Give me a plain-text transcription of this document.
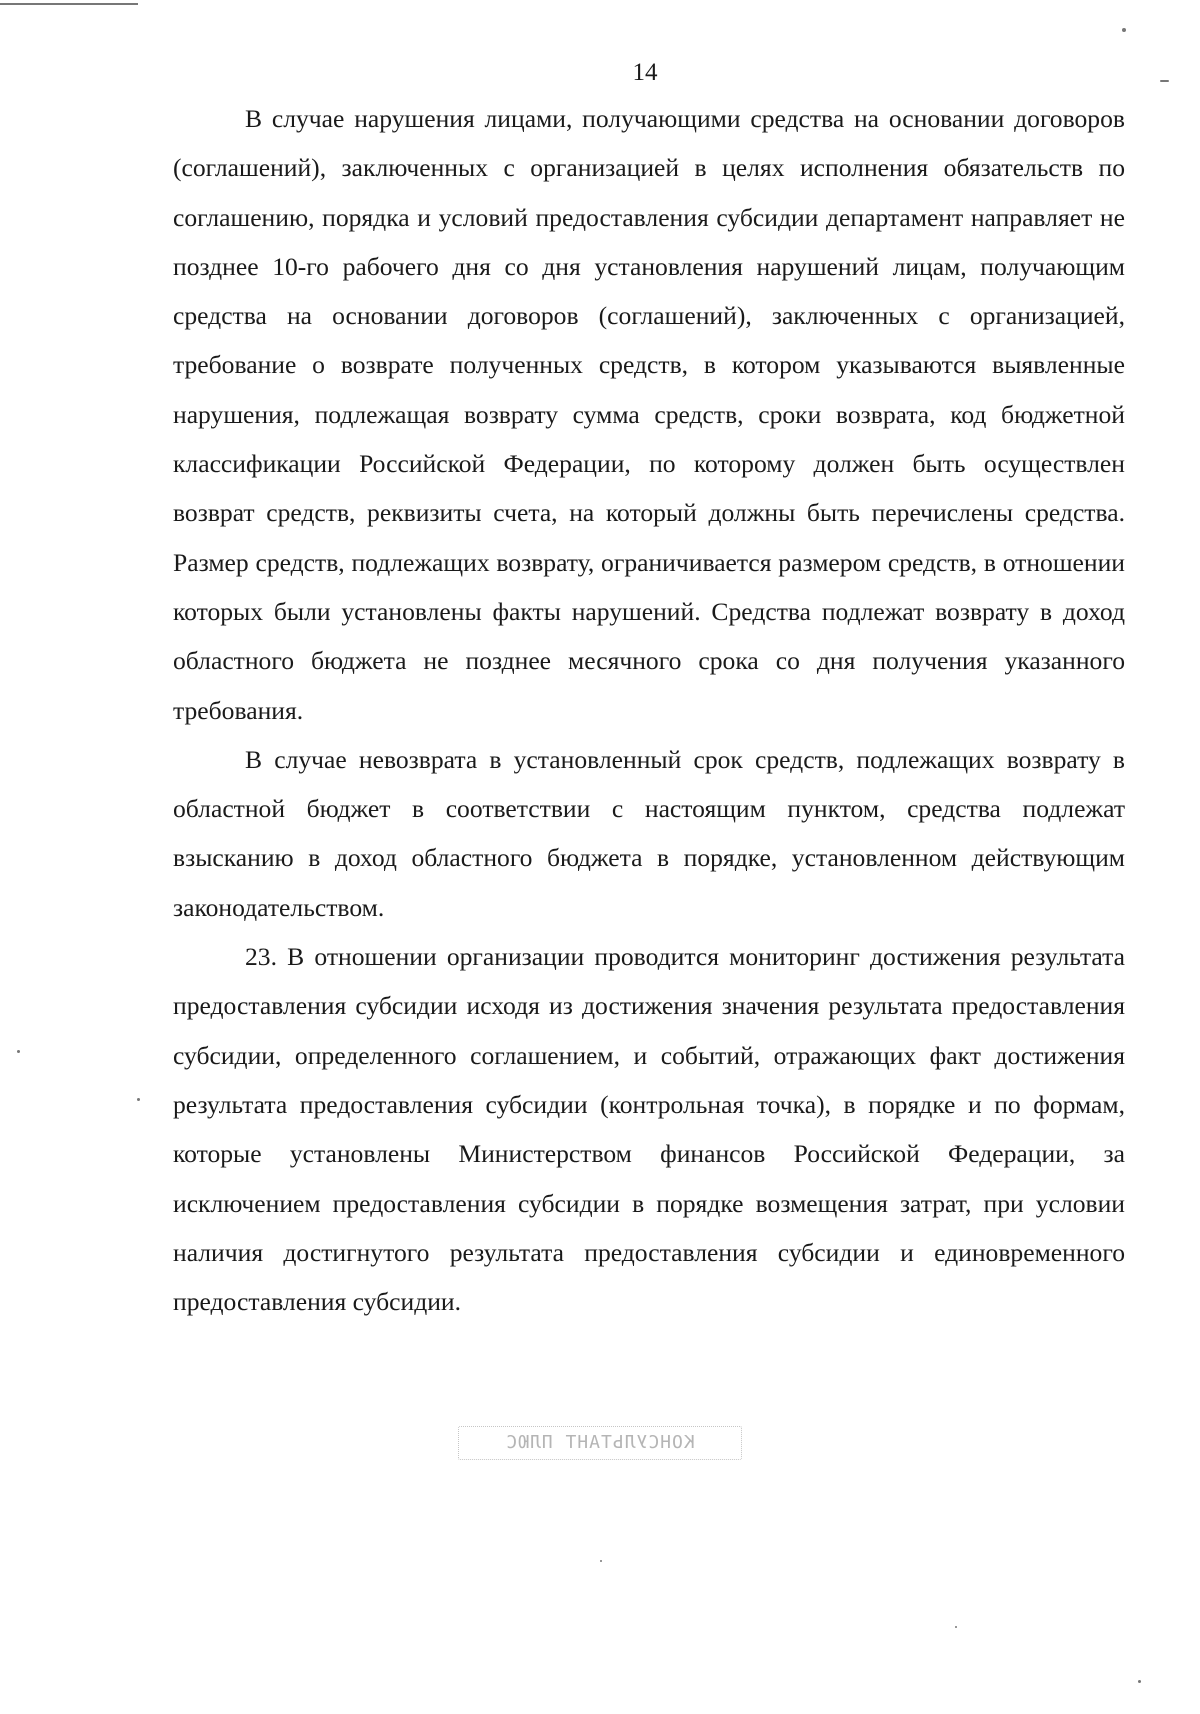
14

В случае нарушения лицами, получающими средства на основании договоров (соглашений), заключенных с организацией в целях исполнения обязательств по соглашению, порядка и условий предоставления субсидии департамент направляет не позднее 10-го рабочего дня со дня установления нарушений лицам, получающим средства на основании договоров (соглашений), заключенных с организацией, требование о возврате полученных средств, в котором указываются выявленные нарушения, подлежащая возврату сумма средств, сроки возврата, код бюджетной классификации Российской Федерации, по которому должен быть осуществлен возврат средств, реквизиты счета, на который должны быть перечислены средства. Размер средств, подлежащих возврату, ограничивается размером средств, в отношении которых были установлены факты нарушений. Средства подлежат возврату в доход областного бюджета не позднее месячного срока со дня получения указанного требования.

В случае невозврата в установленный срок средств, подлежащих возврату в областной бюджет в соответствии с настоящим пунктом, средства подлежат взысканию в доход областного бюджета в порядке, установленном действующим законодательством.

23. В отношении организации проводится мониторинг достижения результата предоставления субсидии исходя из достижения значения результата предоставления субсидии, определенного соглашением, и событий, отражающих факт достижения результата предоставления субсидии (контрольная точка), в порядке и по формам, которые установлены Министерством финансов Российской Федерации, за исключением предоставления субсидии в порядке возмещения затрат, при условии наличия достигнутого результата предоставления субсидии и единовременного предоставления субсидии.

КОНСУЛЬТАНТ ПЛЮС
